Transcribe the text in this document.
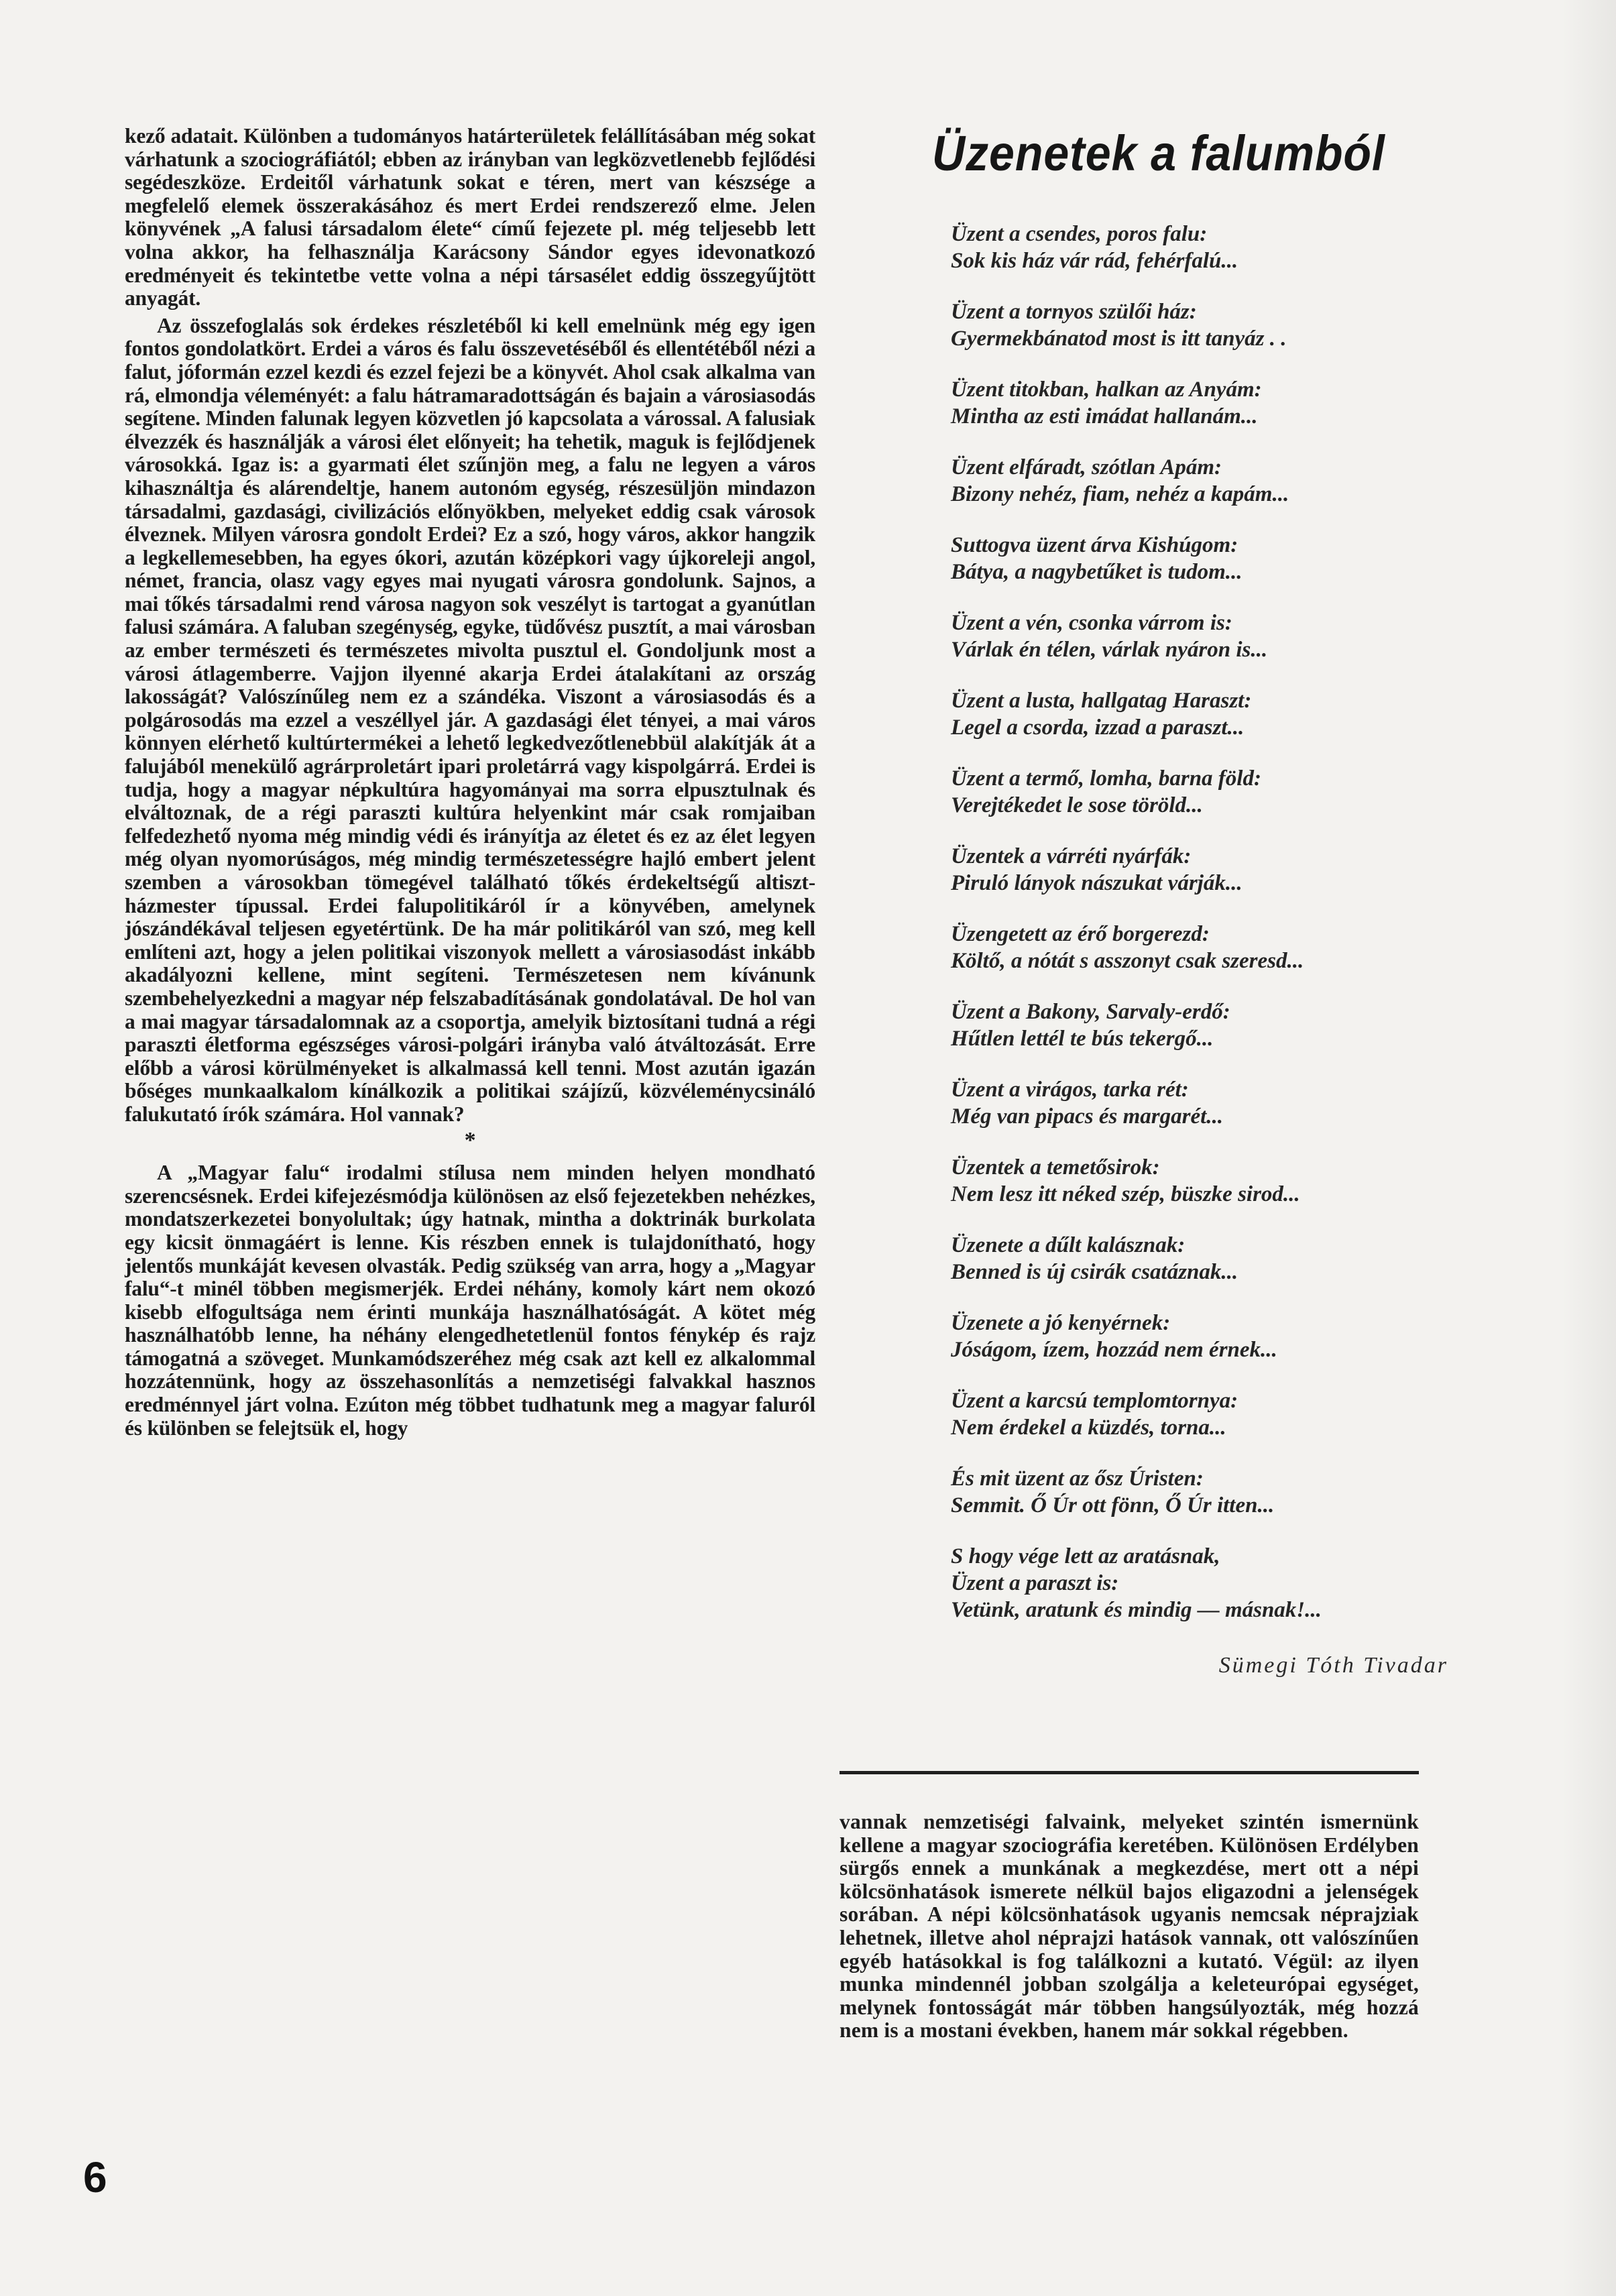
kező adatait. Különben a tudományos határterületek felállításában még sokat várhatunk a szociográfiától; ebben az irányban van legközvetlenebb fejlődési segédeszköze. Erdeitől várhatunk sokat e téren, mert van készsége a megfelelő elemek összerakásához és mert Erdei rendszerező elme. Jelen könyvének „A falusi társadalom élete“ című fejezete pl. még teljesebb lett volna akkor, ha felhasználja Karácsony Sándor egyes idevonatkozó eredményeit és tekintetbe vette volna a népi társasélet eddig összegyűjtött anyagát.

Az összefoglalás sok érdekes részletéből ki kell emelnünk még egy igen fontos gondolatkört. Erdei a város és falu összevetéséből és ellentétéből nézi a falut, jóformán ezzel kezdi és ezzel fejezi be a könyvét. Ahol csak alkalma van rá, elmondja véleményét: a falu hátramaradottságán és bajain a városiasodás segítene. Minden falunak legyen közvetlen jó kapcsolata a várossal. A falusiak élvezzék és használják a városi élet előnyeit; ha tehetik, maguk is fejlődjenek városokká. Igaz is: a gyarmati élet szűnjön meg, a falu ne legyen a város kihasználtja és alárendeltje, hanem autonóm egység, részesüljön mindazon társadalmi, gazdasági, civilizációs előnyökben, melyeket eddig csak városok élveznek. Milyen városra gondolt Erdei? Ez a szó, hogy város, akkor hangzik a legkellemesebben, ha egyes ókori, azután középkori vagy újkoreleji angol, német, francia, olasz vagy egyes mai nyugati városra gondolunk. Sajnos, a mai tőkés társadalmi rend városa nagyon sok veszélyt is tartogat a gyanútlan falusi számára. A faluban szegénység, egyke, tüdővész pusztít, a mai városban az ember természeti és természetes mivolta pusztul el. Gondoljunk most a városi átlagemberre. Vajjon ilyenné akarja Erdei átalakítani az ország lakosságát? Valószínűleg nem ez a szándéka. Viszont a városiasodás és a polgárosodás ma ezzel a veszéllyel jár. A gazdasági élet tényei, a mai város könnyen elérhető kultúrtermékei a lehető legkedvezőtlenebbül alakítják át a falujából menekülő agrárproletárt ipari proletárrá vagy kispolgárrá. Erdei is tudja, hogy a magyar népkultúra hagyományai ma sorra elpusztulnak és elváltoznak, de a régi paraszti kultúra helyenkint már csak romjaiban felfedezhető nyoma még mindig védi és irányítja az életet és ez az élet legyen még olyan nyomorúságos, még mindig természetességre hajló embert jelent szemben a városokban tömegével található tőkés érdekeltségű altiszt-házmester típussal. Erdei falupolitikáról ír a könyvében, amelynek jószándékával teljesen egyetértünk. De ha már politikáról van szó, meg kell említeni azt, hogy a jelen politikai viszonyok mellett a városiasodást inkább akadályozni kellene, mint segíteni. Természetesen nem kívánunk szembehelyezkedni a magyar nép felszabadításának gondolatával. De hol van a mai magyar társadalomnak az a csoportja, amelyik biztosítani tudná a régi paraszti életforma egészséges városi-polgári irányba való átváltozását. Erre előbb a városi körülményeket is alkalmassá kell tenni. Most azután igazán bőséges munkaalkalom kínálkozik a politikai szájízű, közvéleménycsináló falukutató írók számára. Hol vannak?

*

A „Magyar falu“ irodalmi stílusa nem minden helyen mondható szerencsésnek. Erdei kifejezésmódja különösen az első fejezetekben nehézkes, mondatszerkezetei bonyolultak; úgy hatnak, mintha a doktrinák burkolata egy kicsit önmagáért is lenne. Kis részben ennek is tulajdonítható, hogy jelentős munkáját kevesen olvasták. Pedig szükség van arra, hogy a „Magyar falu“-t minél többen megismerjék. Erdei néhány, komoly kárt nem okozó kisebb elfogultsága nem érinti munkája használhatóságát. A kötet még használhatóbb lenne, ha néhány elengedhetetlenül fontos fénykép és rajz támogatná a szöveget. Munkamódszeréhez még csak azt kell ez alkalommal hozzátennünk, hogy az összehasonlítás a nemzetiségi falvakkal hasznos eredménnyel járt volna. Ezúton még többet tudhatunk meg a magyar faluról és különben se felejtsük el, hogy

Üzenetek a falumból
Üzent a csendes, poros falu:
Sok kis ház vár rád, fehérfalú...
Üzent a tornyos szülői ház:
Gyermekbánatod most is itt tanyáz . .
Üzent titokban, halkan az Anyám:
Mintha az esti imádat hallanám...
Üzent elfáradt, szótlan Apám:
Bizony nehéz, fiam, nehéz a kapám...
Suttogva üzent árva Kishúgom:
Bátya, a nagybetűket is tudom...
Üzent a vén, csonka várrom is:
Várlak én télen, várlak nyáron is...
Üzent a lusta, hallgatag Haraszt:
Legel a csorda, izzad a paraszt...
Üzent a termő, lomha, barna föld:
Verejtékedet le sose töröld...
Üzentek a várréti nyárfák:
Piruló lányok nászukat várják...
Üzengetett az érő borgerezd:
Költő, a nótát s asszonyt csak szeresd...
Üzent a Bakony, Sarvaly-erdő:
Hűtlen lettél te bús tekergő...
Üzent a virágos, tarka rét:
Még van pipacs és margarét...
Üzentek a temetősirok:
Nem lesz itt néked szép, büszke sirod...
Üzenete a dűlt kalásznak:
Benned is új csirák csatáznak...
Üzenete a jó kenyérnek:
Jóságom, ízem, hozzád nem érnek...
Üzent a karcsú templomtornya:
Nem érdekel a küzdés, torna...
És mit üzent az ősz Úristen:
Semmit. Ő Úr ott fönn, Ő Úr itten...
S hogy vége lett az aratásnak,
Üzent a paraszt is:
Vetünk, aratunk és mindig — másnak!...
Sümegi Tóth Tivadar

vannak nemzetiségi falvaink, melyeket szintén ismernünk kellene a magyar szociográfia keretében. Különösen Erdélyben sürgős ennek a munkának a megkezdése, mert ott a népi kölcsönhatások ismerete nélkül bajos eligazodni a jelenségek sorában. A népi kölcsönhatások ugyanis nemcsak néprajziak lehetnek, illetve ahol néprajzi hatások vannak, ott valószínűen egyéb hatásokkal is fog találkozni a kutató. Végül: az ilyen munka mindennél jobban szolgálja a keleteurópai egységet, melynek fontosságát már többen hangsúlyozták, még hozzá nem is a mostani években, hanem már sokkal régebben.

6
